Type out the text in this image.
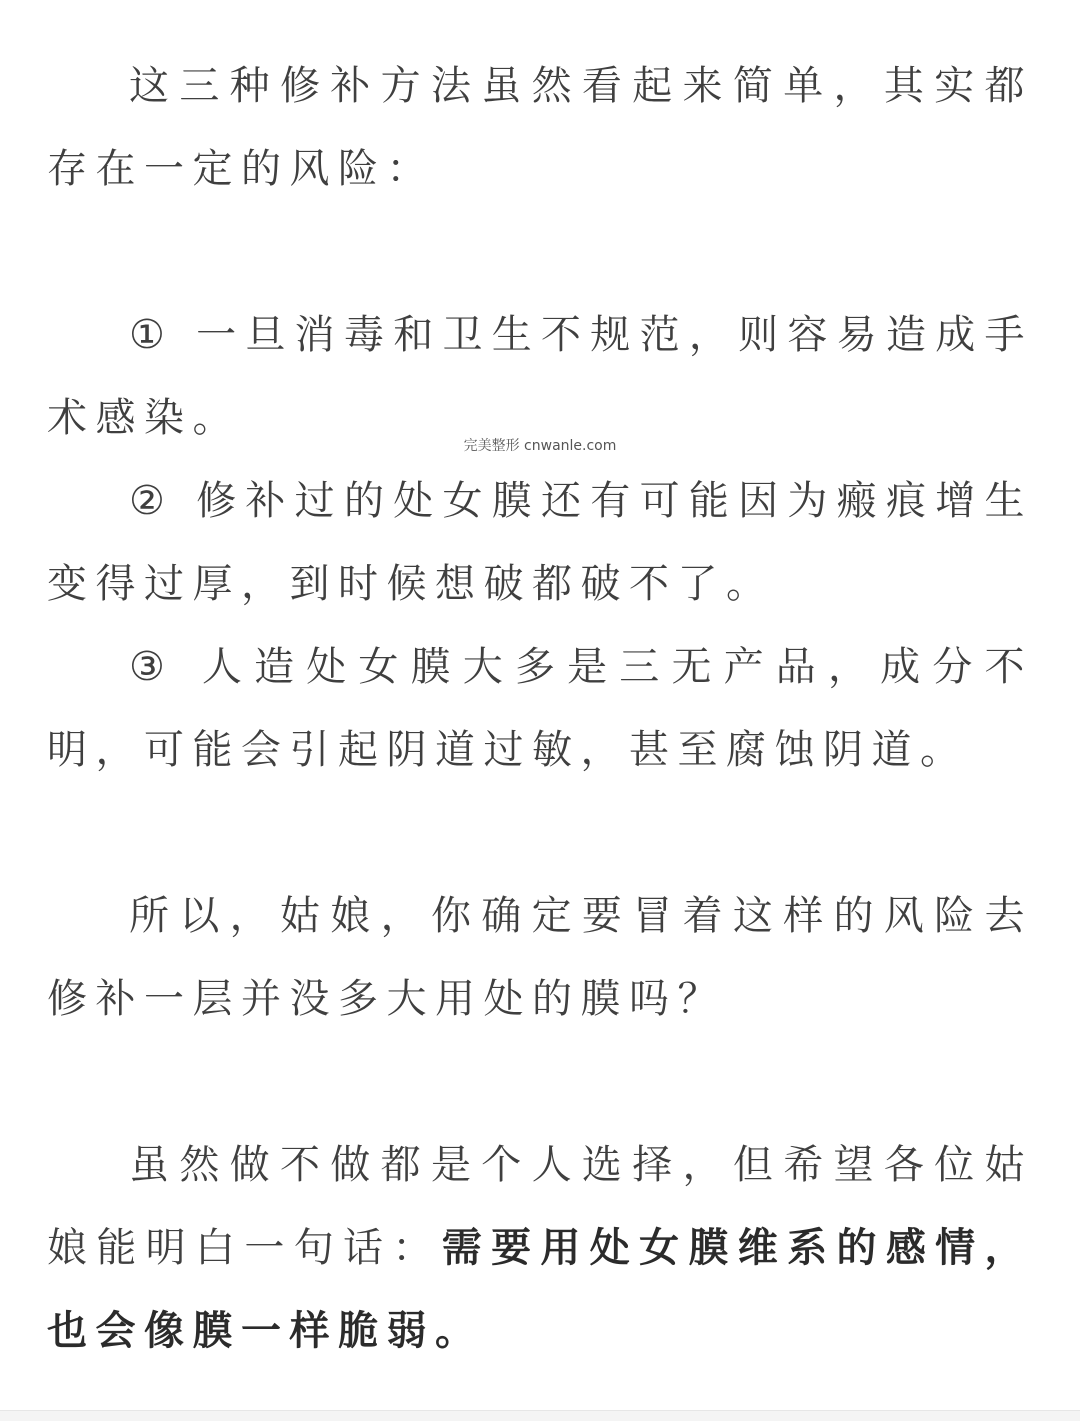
这三种修补方法虽然看起来简单，其实都存在一定的风险：

① 一旦消毒和卫生不规范，则容易造成手术感染。

② 修补过的处女膜还有可能因为瘢痕增生变得过厚，到时候想破都破不了。

③ 人造处女膜大多是三无产品，成分不明，可能会引起阴道过敏，甚至腐蚀阴道。

所以，姑娘，你确定要冒着这样的风险去修补一层并没多大用处的膜吗？

虽然做不做都是个人选择，但希望各位姑娘能明白一句话：需要用处女膜维系的感情，也会像膜一样脆弱。

完美整形 cnwanle.com
